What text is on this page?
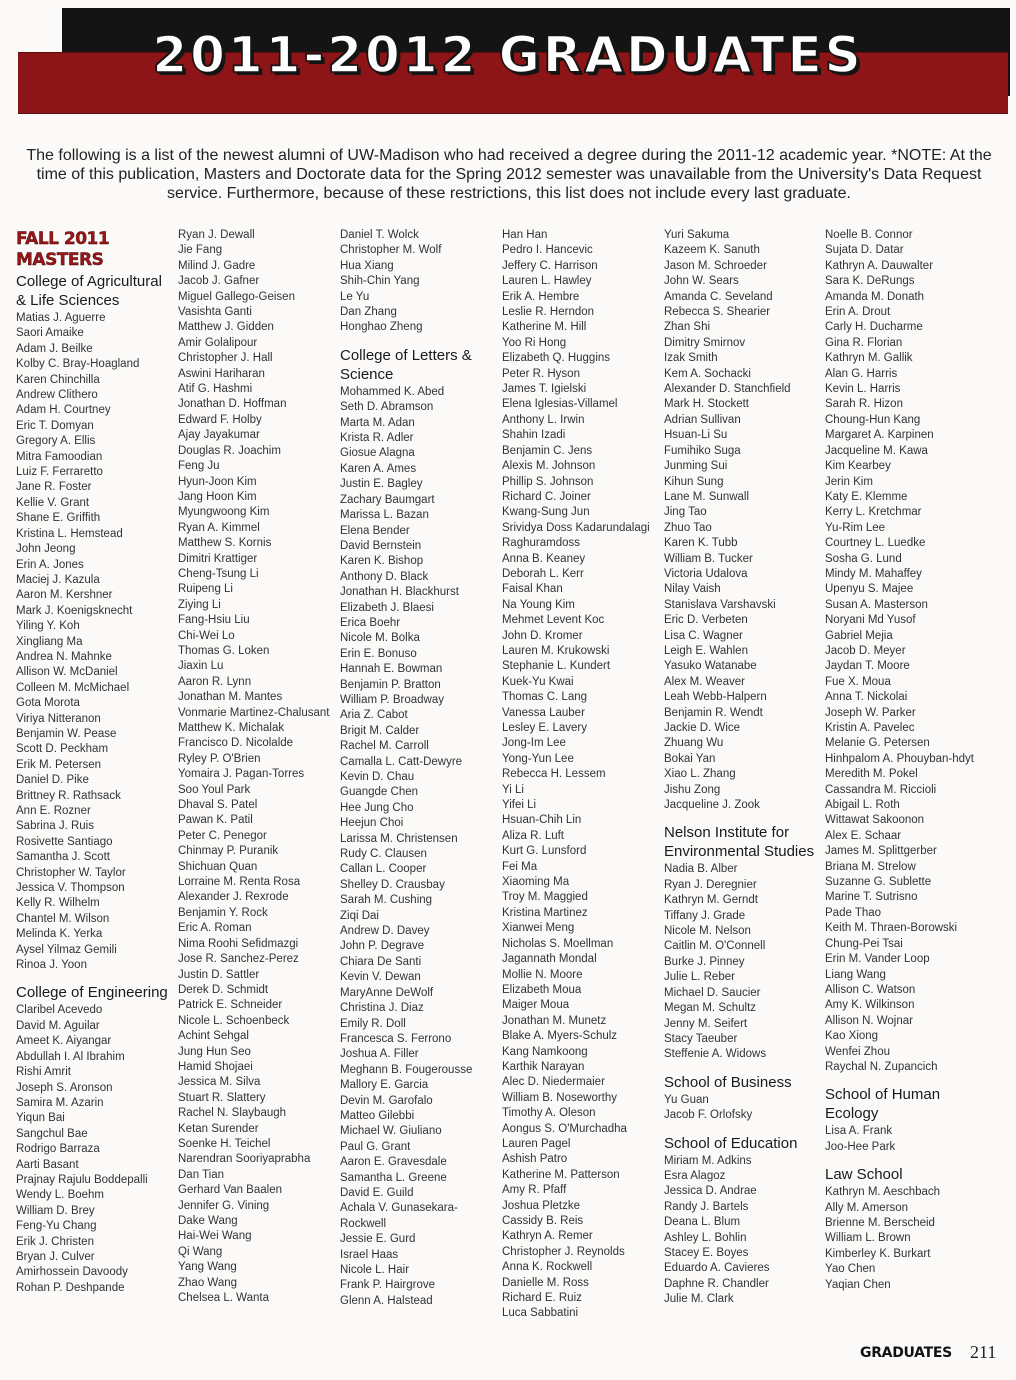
2011-2012 GRADUATES
The following is a list of the newest alumni of UW-Madison who had received a degree during the 2011-12 academic year. *NOTE: At the time of this publication, Masters and Doctorate data for the Spring 2012 semester was unavailable from the University's Data Request service. Furthermore, because of these restrictions, this list does not include every last graduate.
FALL 2011
MASTERS
College of Agricultural & Life Sciences
Matias J. Aguerre
Saori Amaike
Adam J. Beilke
Kolby C. Bray-Hoagland
Karen Chinchilla
Andrew Clithero
Adam H. Courtney
Eric T. Domyan
Gregory A. Ellis
Mitra Famoodian
Luiz F. Ferraretto
Jane R. Foster
Kellie V. Grant
Shane E. Griffith
Kristina L. Hemstead
John Jeong
Erin A. Jones
Maciej J. Kazula
Aaron M. Kershner
Mark J. Koenigsknecht
Yiling Y. Koh
Xingliang Ma
Andrea N. Mahnke
Allison W. McDaniel
Colleen M. McMichael
Gota Morota
Viriya Nitteranon
Benjamin W. Pease
Scott D. Peckham
Erik M. Petersen
Daniel D. Pike
Brittney R. Rathsack
Ann E. Rozner
Sabrina J. Ruis
Rosivette Santiago
Samantha J. Scott
Christopher W. Taylor
Jessica V. Thompson
Kelly R. Wilhelm
Chantel M. Wilson
Melinda K. Yerka
Aysel Yilmaz Gemili
Rinoa J. Yoon
College of Engineering
Claribel Acevedo
David M. Aguilar
Ameet K. Aiyangar
Abdullah I. Al Ibrahim
Rishi Amrit
Joseph S. Aronson
Samira M. Azarin
Yiqun Bai
Sangchul Bae
Rodrigo Barraza
Aarti Basant
Prajnay Rajulu Boddepalli
Wendy L. Boehm
William D. Brey
Feng-Yu Chang
Erik J. Christen
Bryan J. Culver
Amirhossein Davoody
Rohan P. Deshpande
Ryan J. Dewall
Jie Fang
Milind J. Gadre
Jacob J. Gafner
Miguel Gallego-Geisen
Vasishta Ganti
Matthew J. Gidden
Amir Golalipour
Christopher J. Hall
Aswini Hariharan
Atif G. Hashmi
Jonathan D. Hoffman
Edward F. Holby
Ajay Jayakumar
Douglas R. Joachim
Feng Ju
Hyun-Joon Kim
Jang Hoon Kim
Myungwoong Kim
Ryan A. Kimmel
Matthew S. Kornis
Dimitri Krattiger
Cheng-Tsung Li
Ruipeng Li
Ziying Li
Fang-Hsiu Liu
Chi-Wei Lo
Thomas G. Loken
Jiaxin Lu
Aaron R. Lynn
Jonathan M. Mantes
Vonmarie Martinez-Chalusant
Matthew K. Michalak
Francisco D. Nicolalde
Ryley P. O'Brien
Yomaira J. Pagan-Torres
Soo Youl Park
Dhaval S. Patel
Pawan K. Patil
Peter C. Penegor
Chinmay P. Puranik
Shichuan Quan
Lorraine M. Renta Rosa
Alexander J. Rexrode
Benjamin Y. Rock
Eric A. Roman
Nima Roohi Sefidmazgi
Jose R. Sanchez-Perez
Justin D. Sattler
Derek D. Schmidt
Patrick E. Schneider
Nicole L. Schoenbeck
Achint Sehgal
Jung Hun Seo
Hamid Shojaei
Jessica M. Silva
Stuart R. Slattery
Rachel N. Slaybaugh
Ketan Surender
Soenke H. Teichel
Narendran Sooriyaprabha
Dan Tian
Gerhard Van Baalen
Jennifer G. Vining
Dake Wang
Hai-Wei Wang
Qi Wang
Yang Wang
Zhao Wang
Chelsea L. Wanta
Daniel T. Wolck
Christopher M. Wolf
Hua Xiang
Shih-Chin Yang
Le Yu
Dan Zhang
Honghao Zheng
College of Letters & Science
Mohammed K. Abed
Seth D. Abramson
Marta M. Adan
Krista R. Adler
Giosue Alagna
Karen A. Ames
Justin E. Bagley
Zachary Baumgart
Marissa L. Bazan
Elena Bender
David Bernstein
Karen K. Bishop
Anthony D. Black
Jonathan H. Blackhurst
Elizabeth J. Blaesi
Erica Boehr
Nicole M. Bolka
Erin E. Bonuso
Hannah E. Bowman
Benjamin P. Bratton
William P. Broadway
Aria Z. Cabot
Brigit M. Calder
Rachel M. Carroll
Camalla L. Catt-Dewyre
Kevin D. Chau
Guangde Chen
Hee Jung Cho
Heejun Choi
Larissa M. Christensen
Rudy C. Clausen
Callan L. Cooper
Shelley D. Crausbay
Sarah M. Cushing
Ziqi Dai
Andrew D. Davey
John P. Degrave
Chiara De Santi
Kevin V. Dewan
MaryAnne DeWolf
Christina J. Diaz
Emily R. Doll
Francesca S. Ferrono
Joshua A. Filler
Meghann B. Fougerousse
Mallory E. Garcia
Devin M. Garofalo
Matteo Gilebbi
Michael W. Giuliano
Paul G. Grant
Aaron E. Gravesdale
Samantha L. Greene
David E. Guild
Achala V. Gunasekara-Rockwell
Jessie E. Gurd
Israel Haas
Nicole L. Hair
Frank P. Hairgrove
Glenn A. Halstead
Han Han
Pedro I. Hancevic
Jeffery C. Harrison
Lauren L. Hawley
Erik A. Hembre
Leslie R. Herndon
Katherine M. Hill
Yoo Ri Hong
Elizabeth Q. Huggins
Peter R. Hyson
James T. Igielski
Elena Iglesias-Villamel
Anthony L. Irwin
Shahin Izadi
Benjamin C. Jens
Alexis M. Johnson
Phillip S. Johnson
Richard C. Joiner
Kwang-Sung Jun
Srividya Doss Kadarundalagi
Raghuramdoss
Anna B. Keaney
Deborah L. Kerr
Faisal Khan
Na Young Kim
Mehmet Levent Koc
John D. Kromer
Lauren M. Krukowski
Stephanie L. Kundert
Kuek-Yu Kwai
Thomas C. Lang
Vanessa Lauber
Lesley E. Lavery
Jong-Im Lee
Yong-Yun Lee
Rebecca H. Lessem
Yi Li
Yifei Li
Hsuan-Chih Lin
Aliza R. Luft
Kurt G. Lunsford
Fei Ma
Xiaoming Ma
Troy M. Maggied
Kristina Martinez
Xianwei Meng
Nicholas S. Moellman
Jagannath Mondal
Mollie N. Moore
Elizabeth Moua
Maiger Moua
Jonathan M. Munetz
Blake A. Myers-Schulz
Kang Namkoong
Karthik Narayan
Alec D. Niedermaier
William B. Noseworthy
Timothy A. Oleson
Aongus S. O'Murchadha
Lauren Pagel
Ashish Patro
Katherine M. Patterson
Amy R. Pfaff
Joshua Pletzke
Cassidy B. Reis
Kathryn A. Remer
Christopher J. Reynolds
Anna K. Rockwell
Danielle M. Ross
Richard E. Ruiz
Luca Sabbatini
Yuri Sakuma
Kazeem K. Sanuth
Jason M. Schroeder
John W. Sears
Amanda C. Seveland
Rebecca S. Shearier
Zhan Shi
Dimitry Smirnov
Izak Smith
Kem A. Sochacki
Alexander D. Stanchfield
Mark H. Stockett
Adrian Sullivan
Hsuan-Li Su
Fumihiko Suga
Junming Sui
Kihun Sung
Lane M. Sunwall
Jing Tao
Zhuo Tao
Karen K. Tubb
William B. Tucker
Victoria Udalova
Nilay Vaish
Stanislava Varshavski
Eric D. Verbeten
Lisa C. Wagner
Leigh E. Wahlen
Yasuko Watanabe
Alex M. Weaver
Leah Webb-Halpern
Benjamin R. Wendt
Jackie D. Wice
Zhuang Wu
Bokai Yan
Xiao L. Zhang
Jishu Zong
Jacqueline J. Zook
Nelson Institute for Environmental Studies
Nadia B. Alber
Ryan J. Deregnier
Kathryn M. Gerndt
Tiffany J. Grade
Nicole M. Nelson
Caitlin M. O'Connell
Burke J. Pinney
Julie L. Reber
Michael D. Saucier
Megan M. Schultz
Jenny M. Seifert
Stacy Taeuber
Steffenie A. Widows
School of Business
Yu Guan
Jacob F. Orlofsky
School of Education
Miriam M. Adkins
Esra Alagoz
Jessica D. Andrae
Randy J. Bartels
Deana L. Blum
Ashley L. Bohlin
Stacey E. Boyes
Eduardo A. Cavieres
Daphne R. Chandler
Julie M. Clark
Noelle B. Connor
Sujata D. Datar
Kathryn A. Dauwalter
Sara K. DeRungs
Amanda M. Donath
Erin A. Drout
Carly H. Ducharme
Gina R. Florian
Kathryn M. Gallik
Alan G. Harris
Kevin L. Harris
Sarah R. Hizon
Choung-Hun Kang
Margaret A. Karpinen
Jacqueline M. Kawa
Kim Kearbey
Jerin Kim
Katy E. Klemme
Kerry L. Kretchmar
Yu-Rim Lee
Courtney L. Luedke
Sosha G. Lund
Mindy M. Mahaffey
Upenyu S. Majee
Susan A. Masterson
Noryani Md Yusof
Gabriel Mejia
Jacob D. Meyer
Jaydan T. Moore
Fue X. Moua
Anna T. Nickolai
Joseph W. Parker
Kristin A. Pavelec
Melanie G. Petersen
Hinhpalom A. Phouyban-hdyt
Meredith M. Pokel
Cassandra M. Riccioli
Abigail L. Roth
Wittawat Sakoonon
Alex E. Schaar
James M. Splittgerber
Briana M. Strelow
Suzanne G. Sublette
Marine T. Sutrisno
Pade Thao
Keith M. Thraen-Borowski
Chung-Pei Tsai
Erin M. Vander Loop
Liang Wang
Allison C. Watson
Amy K. Wilkinson
Allison N. Wojnar
Kao Xiong
Wenfei Zhou
Raychal N. Zupancich
School of Human Ecology
Lisa A. Frank
Joo-Hee Park
Law School
Kathryn M. Aeschbach
Ally M. Amerson
Brienne M. Berscheid
William L. Brown
Kimberley K. Burkart
Yao Chen
Yaqian Chen
GRADUATES 211
